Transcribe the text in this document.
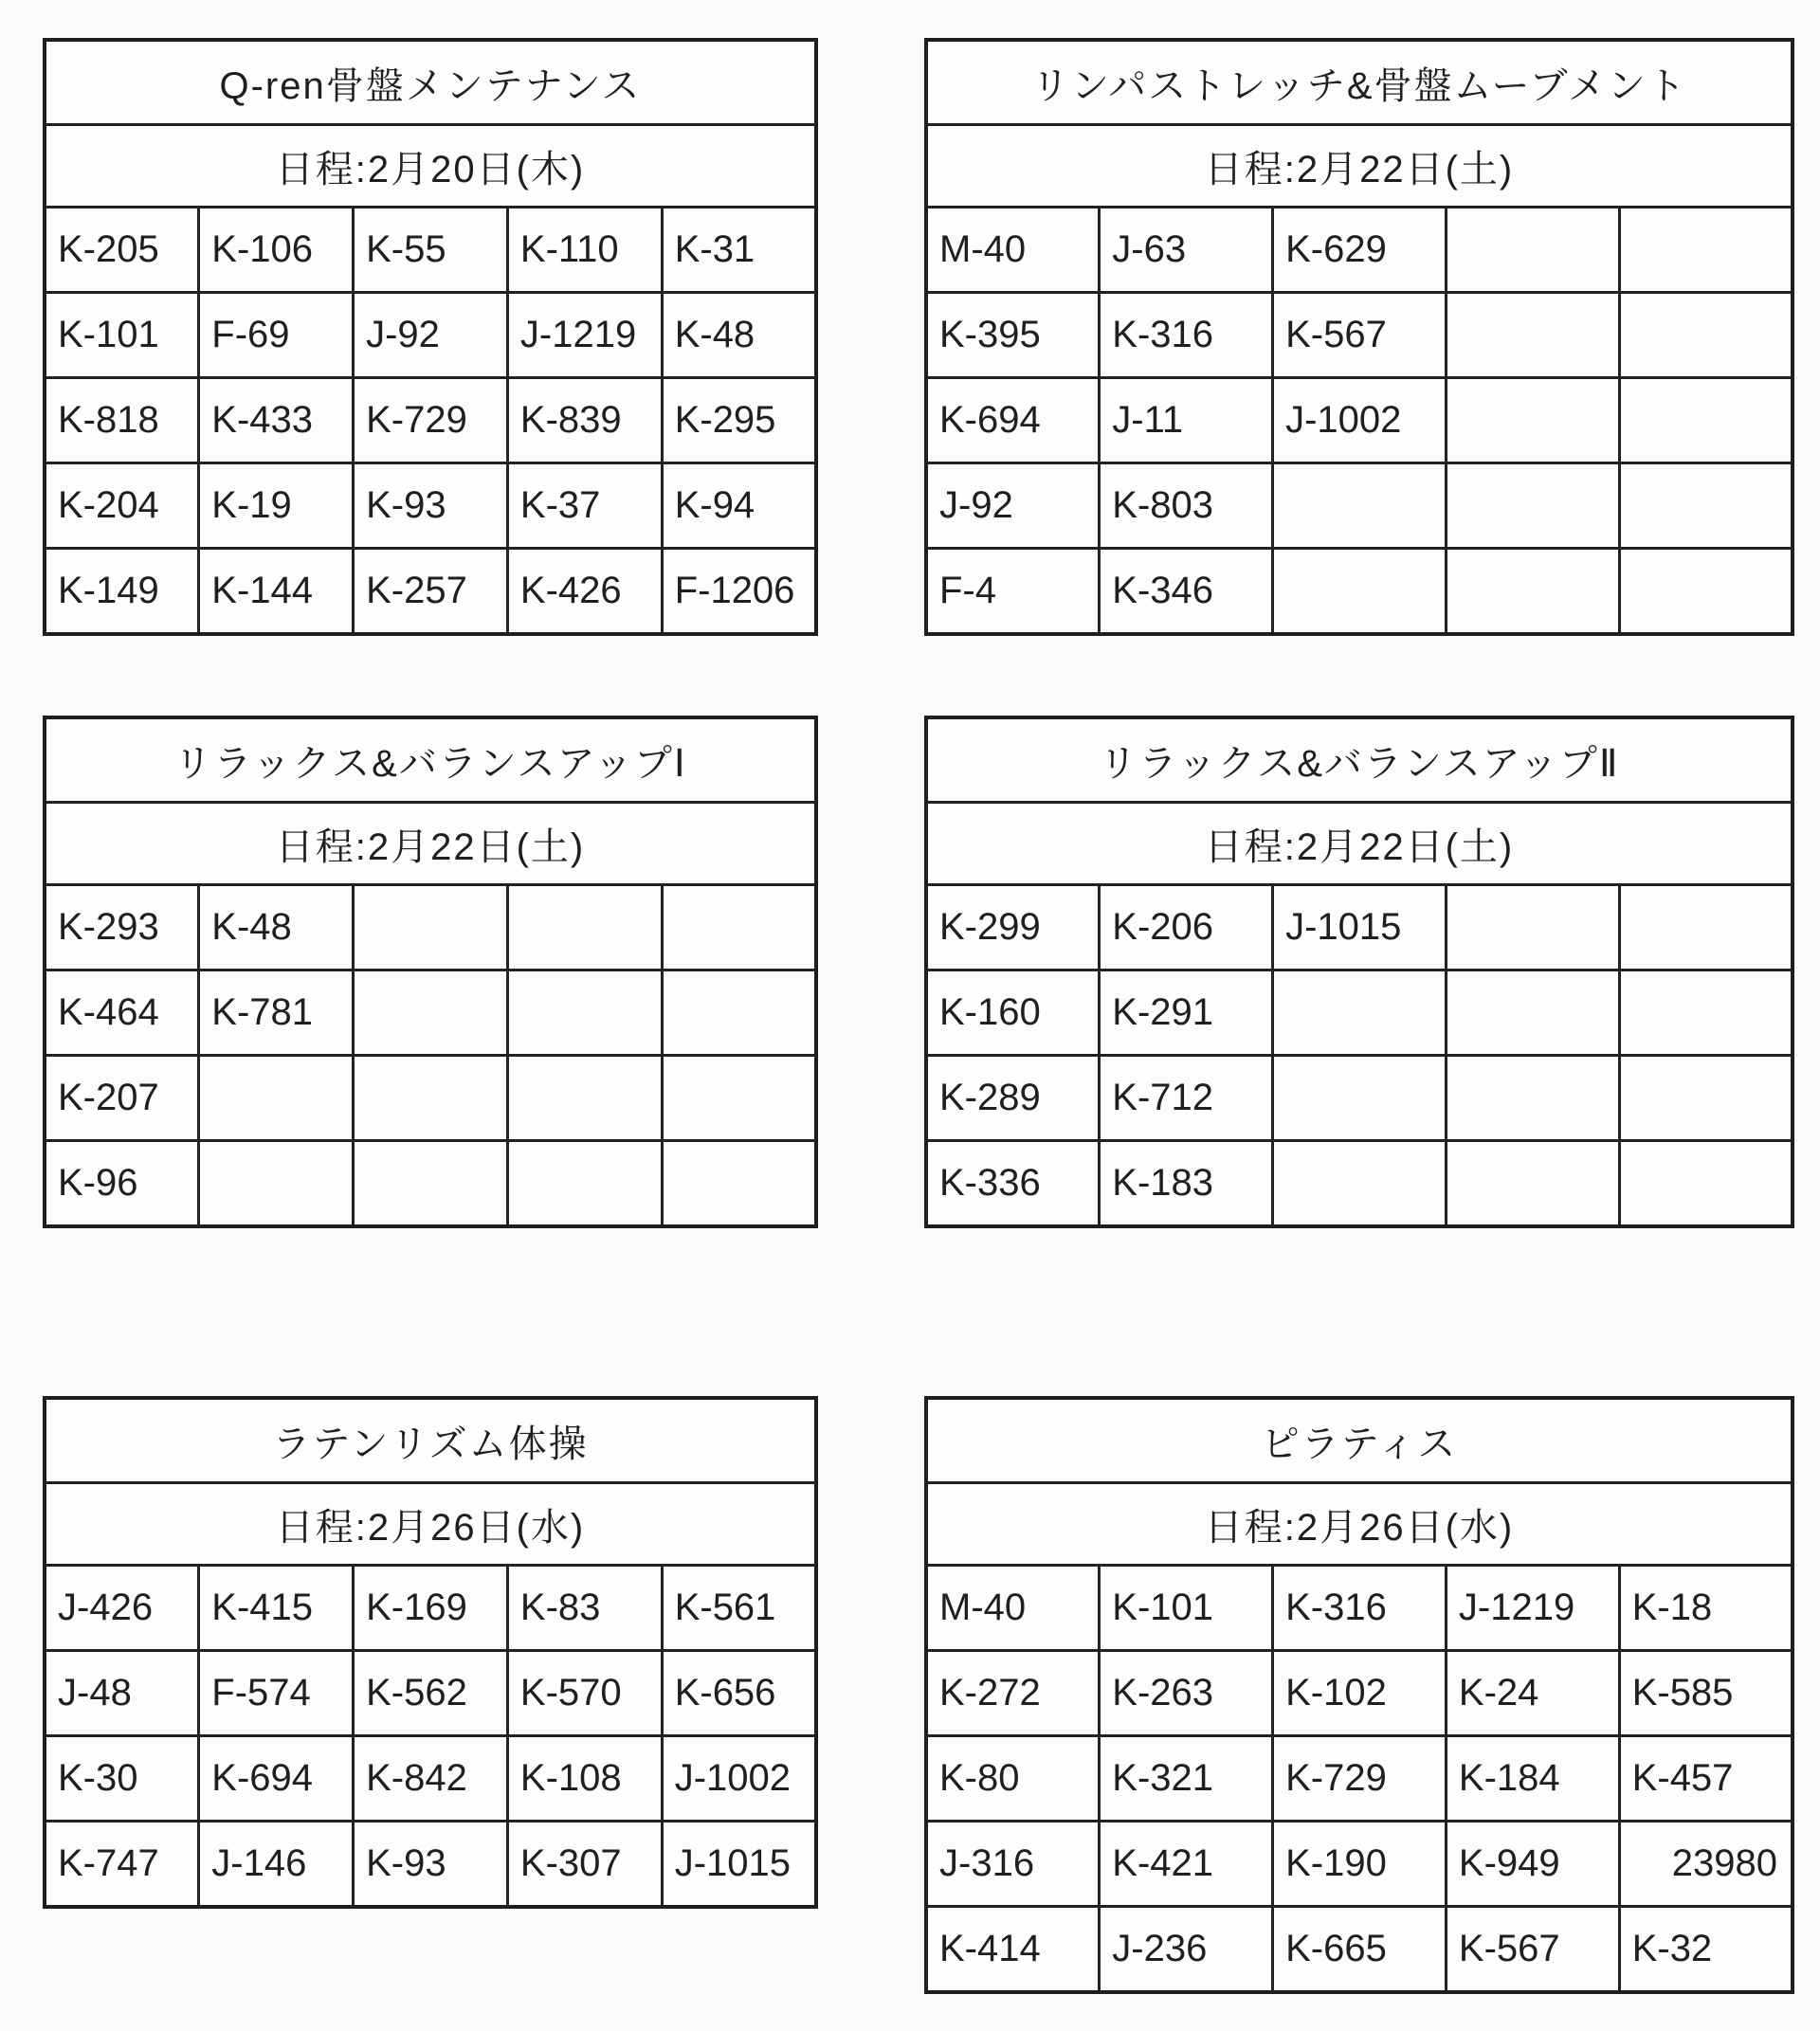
Q-ren骨盤メンテナンス				
日程:2月20日(木)				
K-205	K-106	K-55	K-110	K-31
K-101	F-69	J-92	J-1219	K-48
K-818	K-433	K-729	K-839	K-295
K-204	K-19	K-93	K-37	K-94
K-149	K-144	K-257	K-426	F-1206
リンパストレッチ&骨盤ムーブメント				
日程:2月22日(土)				
M-40	J-63	K-629		
K-395	K-316	K-567		
K-694	J-11	J-1002		
J-92	K-803			
F-4	K-346			
リラックス&バランスアップⅠ				
日程:2月22日(土)				
K-293	K-48			
K-464	K-781			
K-207				
K-96				
リラックス&バランスアップⅡ				
日程:2月22日(土)				
K-299	K-206	J-1015		
K-160	K-291			
K-289	K-712			
K-336	K-183			
ラテンリズム体操				
日程:2月26日(水)				
J-426	K-415	K-169	K-83	K-561
J-48	F-574	K-562	K-570	K-656
K-30	K-694	K-842	K-108	J-1002
K-747	J-146	K-93	K-307	J-1015
ピラティス				
日程:2月26日(水)				
M-40	K-101	K-316	J-1219	K-18
K-272	K-263	K-102	K-24	K-585
K-80	K-321	K-729	K-184	K-457
J-316	K-421	K-190	K-949	23980
K-414	J-236	K-665	K-567	K-32
